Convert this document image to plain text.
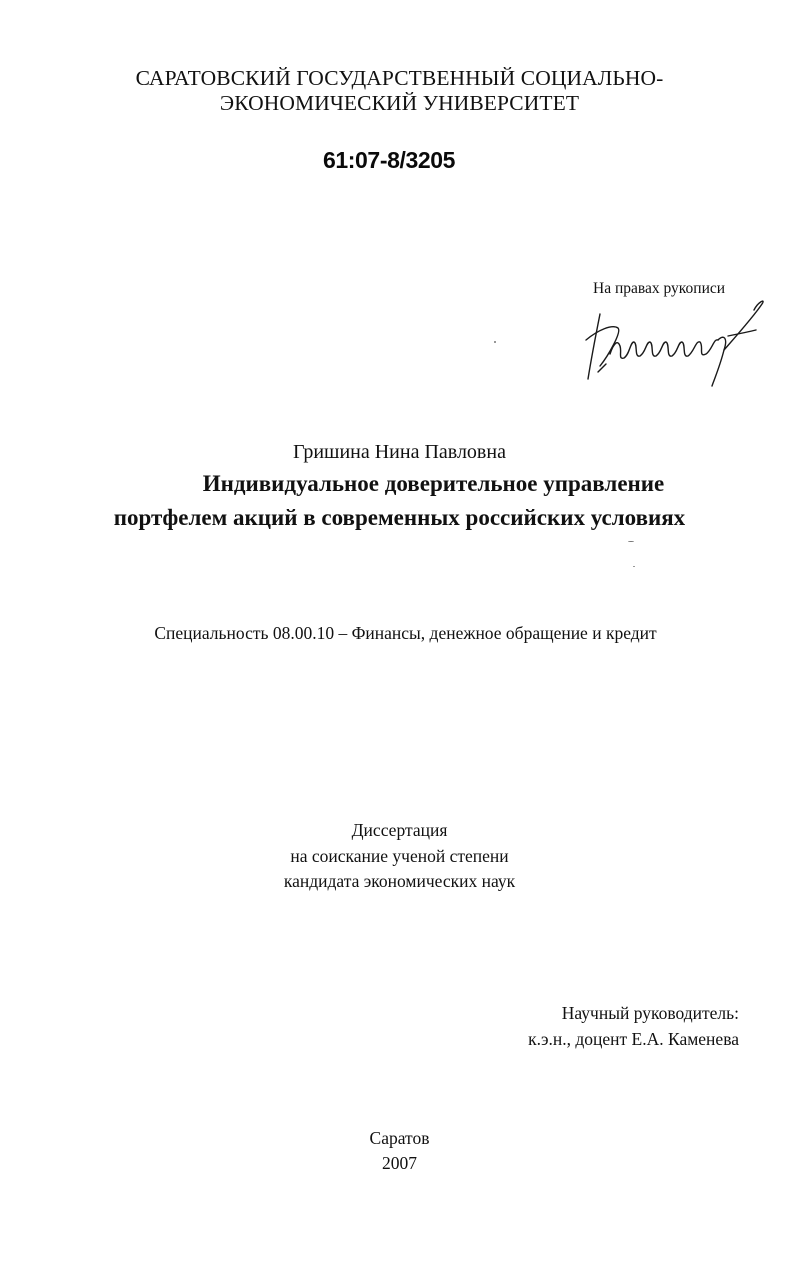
САРАТОВСКИЙ ГОСУДАРСТВЕННЫЙ СОЦИАЛЬНО-
ЭКОНОМИЧЕСКИЙ УНИВЕРСИТЕТ
61:07-8/3205
На правах рукописи
Гришина Нина Павловна
Индивидуальное доверительное управление
портфелем акций в современных российских условиях
Специальность 08.00.10 – Финансы, денежное обращение и кредит
Диссертация
на соискание ученой степени
кандидата экономических наук
Научный руководитель:
к.э.н., доцент Е.А. Каменева
Саратов
2007
